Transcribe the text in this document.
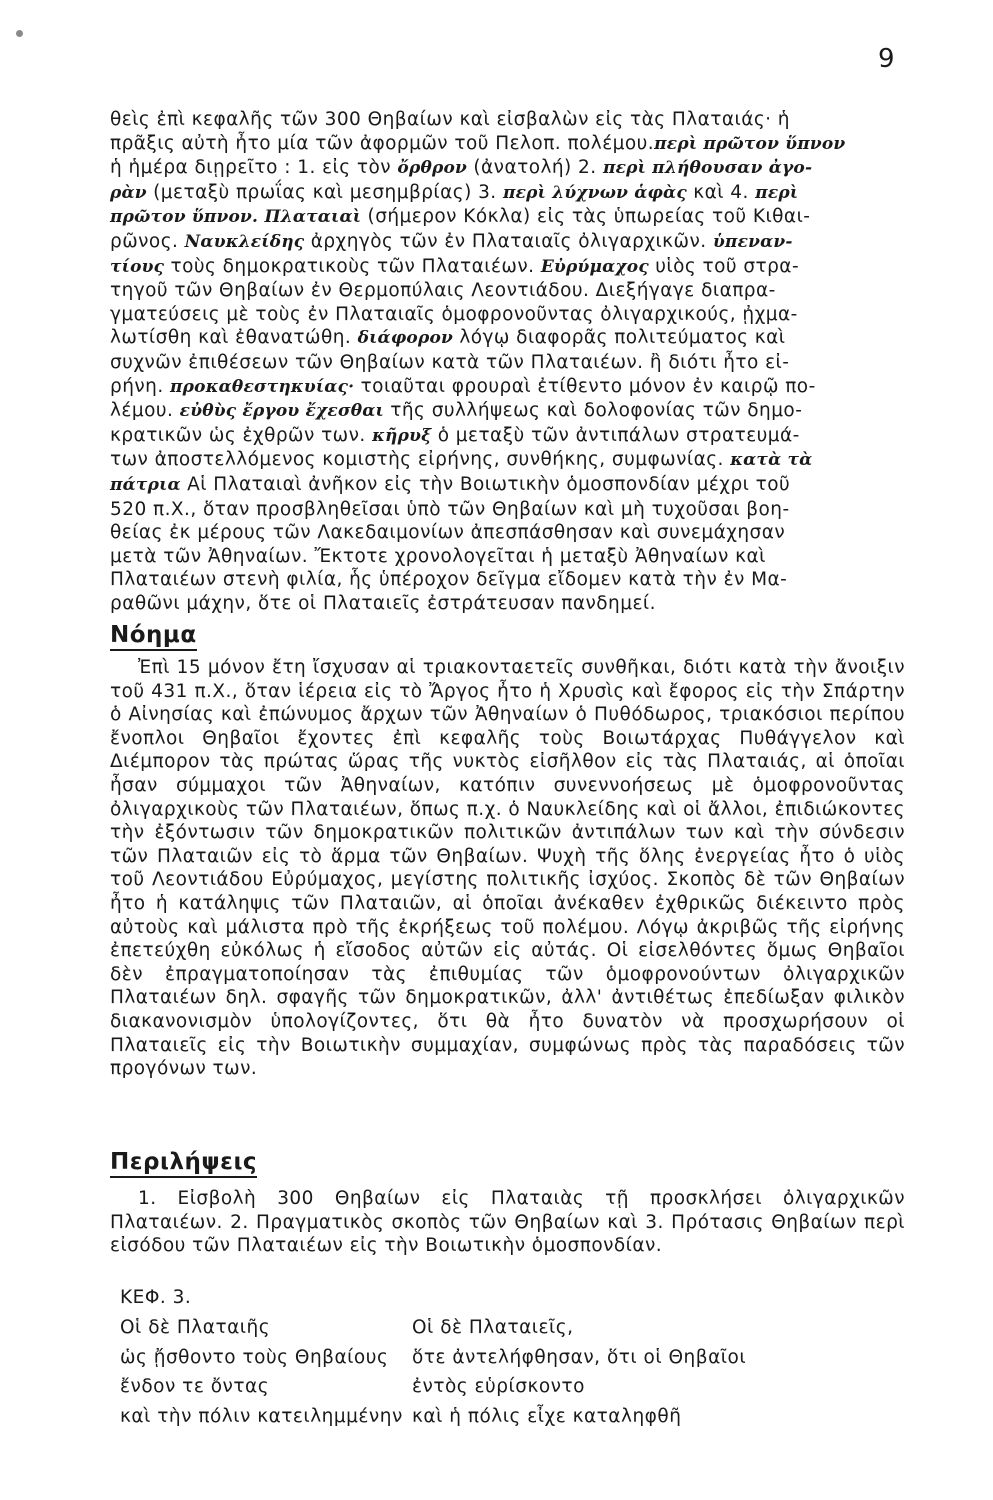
9
θεὶς ἐπὶ κεφαλῆς τῶν 300 Θηβαίων καὶ εἰσβαλὼν εἰς τὰς Πλαταιάς· ἡ
πρᾶξις αὐτὴ ἦτο μία τῶν ἀφορμῶν τοῦ Πελοπ. πολέμου.περὶ πρῶτον ὕπνον
ἡ ἡμέρα διῃρεῖτο : 1. εἰς τὸν ὄρθρον (ἀνατολή) 2. περὶ πλήθουσαν ἀγο-
ρὰν (μεταξὺ πρωΐας καὶ μεσημβρίας) 3. περὶ λύχνων ἁφὰς καὶ 4. περὶ
πρῶτον ὕπνον. Πλαταιαὶ (σήμερον Κόκλα) εἰς τὰς ὑπωρείας τοῦ Κιθαι-
ρῶνος. Ναυκλείδης ἀρχηγὸς τῶν ἐν Πλαταιαῖς ὀλιγαρχικῶν. ὑπεναν-
τίους τοὺς δημοκρατικοὺς τῶν Πλαταιέων. Εὐρύμαχος υἱὸς τοῦ στρα-
τηγοῦ τῶν Θηβαίων ἐν Θερμοπύλαις Λεοντιάδου. Διεξήγαγε διαπρα-
γματεύσεις μὲ τοὺς ἐν Πλαταιαῖς ὁμοφρονοῦντας ὀλιγαρχικούς, ᾐχμα-
λωτίσθη καὶ ἐθανατώθη. διάφορον λόγῳ διαφορᾶς πολιτεύματος καὶ
συχνῶν ἐπιθέσεων τῶν Θηβαίων κατὰ τῶν Πλαταιέων. ἢ διότι ἦτο εἰ-
ρήνη. προκαθεστηκυίας· τοιαῦται φρουραὶ ἐτίθεντο μόνον ἐν καιρῷ πο-
λέμου. εὐθὺς ἔργου ἔχεσθαι τῆς συλλήψεως καὶ δολοφονίας τῶν δημο-
κρατικῶν ὡς ἐχθρῶν των. κῆρυξ ὁ μεταξὺ τῶν ἀντιπάλων στρατευμά-
των ἀποστελλόμενος κομιστὴς εἰρήνης, συνθήκης, συμφωνίας. κατὰ τὰ
πάτρια Αἱ Πλαταιαὶ ἀνῆκον εἰς τὴν Βοιωτικὴν ὁμοσπονδίαν μέχρι τοῦ
520 π.Χ., ὅταν προσβληθεῖσαι ὑπὸ τῶν Θηβαίων καὶ μὴ τυχοῦσαι βοη-
θείας ἐκ μέρους τῶν Λακεδαιμονίων ἀπεσπάσθησαν καὶ συνεμάχησαν
μετὰ τῶν Ἀθηναίων. Ἔκτοτε χρονολογεῖται ἡ μεταξὺ Ἀθηναίων καὶ
Πλαταιέων στενὴ φιλία, ἧς ὑπέροχον δεῖγμα εἴδομεν κατὰ τὴν ἐν Μα-
ραθῶνι μάχην, ὅτε οἱ Πλαταιεῖς ἐστράτευσαν πανδημεί.
Νόημα

Ἐπὶ 15 μόνον ἔτη ἴσχυσαν αἱ τριακονταετεῖς συνθῆκαι, διότι κατὰ τὴν ἄνοιξιν τοῦ 431 π.Χ., ὅταν ἱέρεια εἰς τὸ Ἄργος ἦτο ἡ Χρυσὶς καὶ ἔφορος εἰς τὴν Σπάρτην ὁ Αἰνησίας καὶ ἐπώνυμος ἄρχων τῶν Ἀθηναίων ὁ Πυθόδωρος, τριακόσιοι περίπου ἔνοπλοι Θηβαῖοι ἔχοντες ἐπὶ κεφαλῆς τοὺς Βοιωτάρχας Πυθάγγελον καὶ Διέμπορον τὰς πρώτας ὥρας τῆς νυκτὸς εἰσῆλθον εἰς τὰς Πλαταιάς, αἱ ὁποῖαι ἦσαν σύμμαχοι τῶν Ἀθηναίων, κατόπιν συνεννοήσεως μὲ ὁμοφρονοῦντας ὀλιγαρχικοὺς τῶν Πλαταιέων, ὅπως π.χ. ὁ Ναυκλείδης καὶ οἱ ἄλλοι, ἐπιδιώκοντες τὴν ἐξόντωσιν τῶν δημοκρατικῶν πολιτικῶν ἀντιπάλων των καὶ τὴν σύνδεσιν τῶν Πλαταιῶν εἰς τὸ ἅρμα τῶν Θηβαίων. Ψυχὴ τῆς ὅλης ἐνεργείας ἦτο ὁ υἱὸς τοῦ Λεοντιάδου Εὐρύμαχος, μεγίστης πολιτικῆς ἰσχύος. Σκοπὸς δὲ τῶν Θηβαίων ἦτο ἡ κατάληψις τῶν Πλαταιῶν, αἱ ὁποῖαι ἀνέκαθεν ἐχθρικῶς διέκειντο πρὸς αὐτοὺς καὶ μάλιστα πρὸ τῆς ἐκρήξεως τοῦ πολέμου. Λόγῳ ἀκριβῶς τῆς εἰρήνης ἐπετεύχθη εὐκόλως ἡ εἴσοδος αὐτῶν εἰς αὐτάς. Οἱ εἰσελθόντες ὅμως Θηβαῖοι δὲν ἐπραγματοποίησαν τὰς ἐπιθυμίας τῶν ὁμοφρονούντων ὀλιγαρχικῶν Πλαταιέων δηλ. σφαγῆς τῶν δημοκρατικῶν, ἀλλ' ἀντιθέτως ἐπεδίωξαν φιλικὸν διακανονισμὸν ὑπολογίζοντες, ὅτι θὰ ἦτο δυνατὸν νὰ προσχωρήσουν οἱ Πλαταιεῖς εἰς τὴν Βοιωτικὴν συμμαχίαν, συμφώνως πρὸς τὰς παραδόσεις τῶν προγόνων των.

Περιλήψεις

1. Εἰσβολὴ 300 Θηβαίων εἰς Πλαταιὰς τῇ προσκλήσει ὀλιγαρχικῶν Πλαταιέων. 2. Πραγματικὸς σκοπὸς τῶν Θηβαίων καὶ 3. Πρότασις Θηβαίων περὶ εἰσόδου τῶν Πλαταιέων εἰς τὴν Βοιωτικὴν ὁμοσπονδίαν.

ΚΕΦ. 3.
Οἱ δὲ Πλαταιῆς	Οἱ δὲ Πλαταιεῖς,
ὡς ᾔσθοντο τοὺς Θηβαίους	ὅτε ἀντελήφθησαν, ὅτι οἱ Θηβαῖοι
ἔνδον τε ὄντας	ἐντὸς εὑρίσκοντο
καὶ τὴν πόλιν κατειλημμένην καὶ ἡ πόλις εἶχε καταληφθῆ
